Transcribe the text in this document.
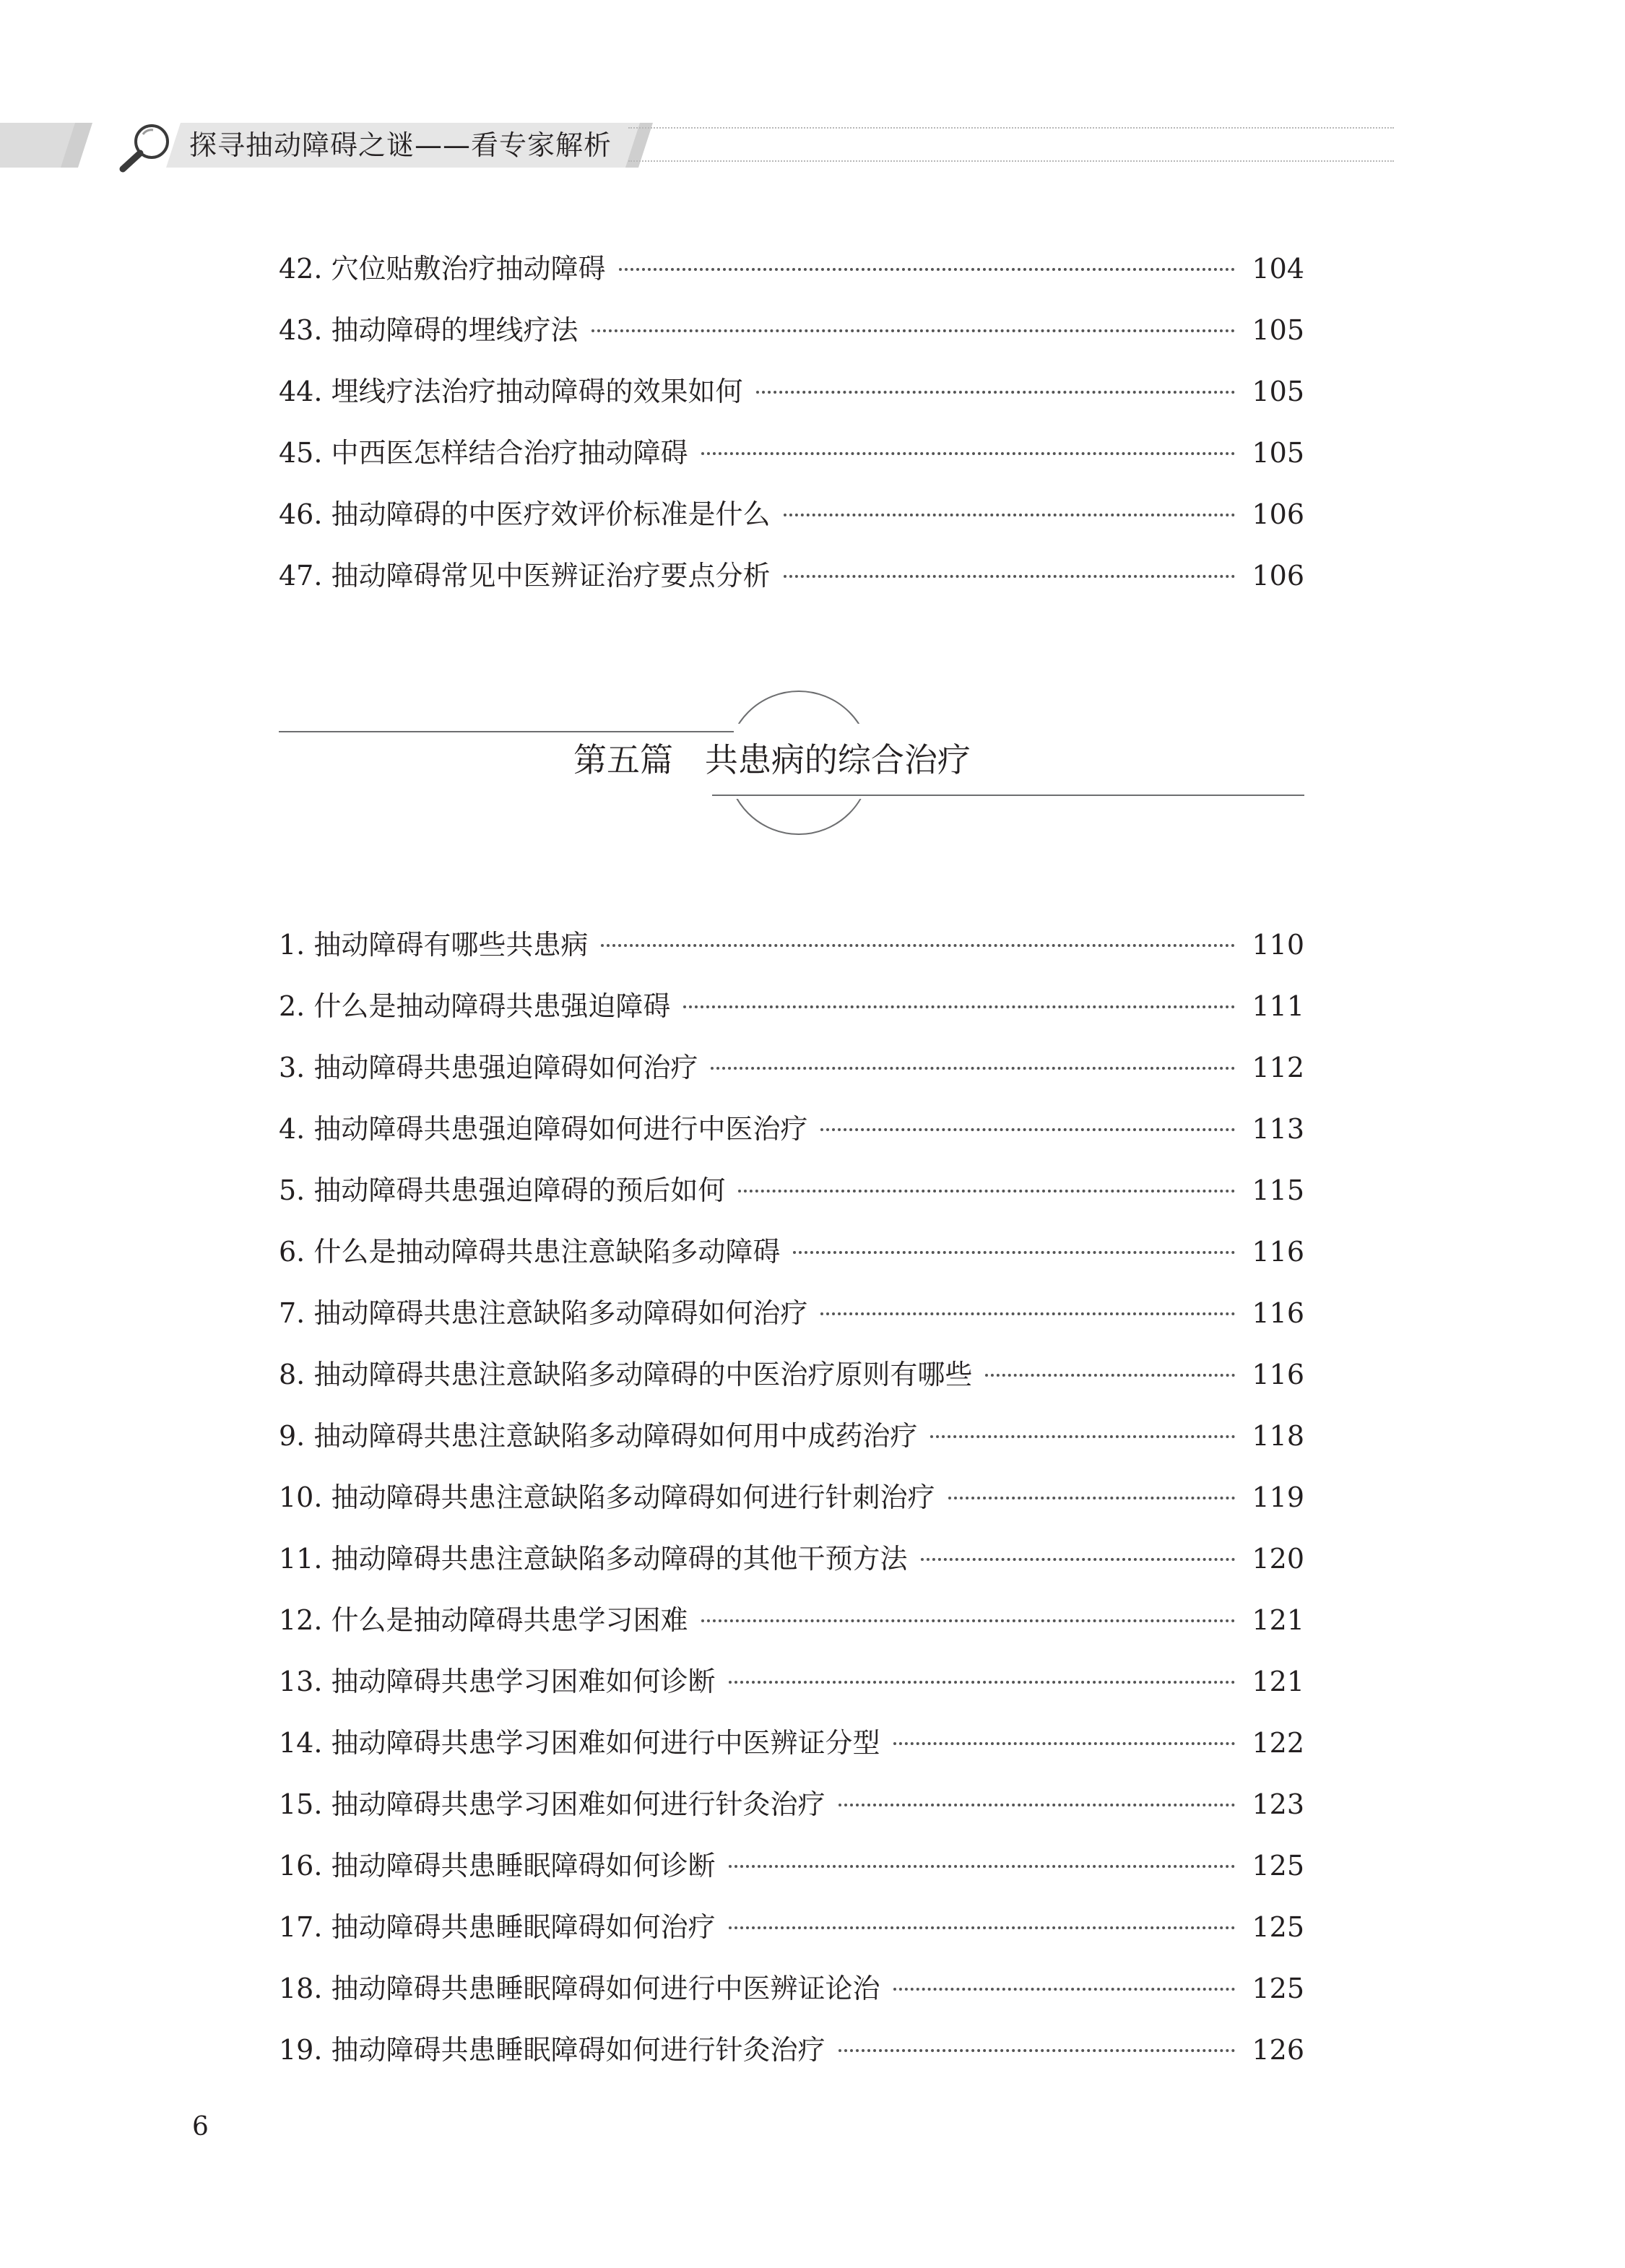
探寻抽动障碍之谜——看专家解析
42. 穴位贴敷治疗抽动障碍	104
43. 抽动障碍的埋线疗法	105
44. 埋线疗法治疗抽动障碍的效果如何	105
45. 中西医怎样结合治疗抽动障碍	105
46. 抽动障碍的中医疗效评价标准是什么	106
47. 抽动障碍常见中医辨证治疗要点分析	106
第五篇 共患病的综合治疗
1. 抽动障碍有哪些共患病	110
2. 什么是抽动障碍共患强迫障碍	111
3. 抽动障碍共患强迫障碍如何治疗	112
4. 抽动障碍共患强迫障碍如何进行中医治疗	113
5. 抽动障碍共患强迫障碍的预后如何	115
6. 什么是抽动障碍共患注意缺陷多动障碍	116
7. 抽动障碍共患注意缺陷多动障碍如何治疗	116
8. 抽动障碍共患注意缺陷多动障碍的中医治疗原则有哪些	116
9. 抽动障碍共患注意缺陷多动障碍如何用中成药治疗	118
10. 抽动障碍共患注意缺陷多动障碍如何进行针刺治疗	119
11. 抽动障碍共患注意缺陷多动障碍的其他干预方法	120
12. 什么是抽动障碍共患学习困难	121
13. 抽动障碍共患学习困难如何诊断	121
14. 抽动障碍共患学习困难如何进行中医辨证分型	122
15. 抽动障碍共患学习困难如何进行针灸治疗	123
16. 抽动障碍共患睡眠障碍如何诊断	125
17. 抽动障碍共患睡眠障碍如何治疗	125
18. 抽动障碍共患睡眠障碍如何进行中医辨证论治	125
19. 抽动障碍共患睡眠障碍如何进行针灸治疗	126
6
